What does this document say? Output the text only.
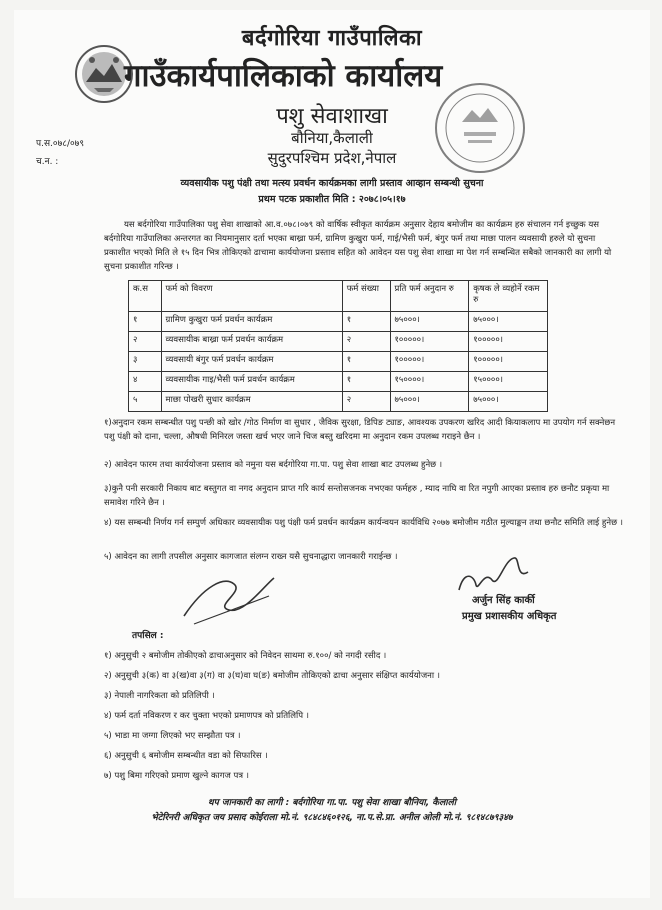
बर्दगोरिया गाउँपालिका
गाउँकार्यपालिकाको कार्यालय
पशु सेवाशाखा
बौनिया,कैलाली
सुदुरपश्चिम प्रदेश,नेपाल
प.स.०७८/०७९
च.न. :
व्यवसायीक पशु पंक्षी तथा मत्स्य प्रवर्धन कार्यक्रमका लागी प्रस्ताव आव्हान सम्बन्धी सुचना
प्रथम पटक प्रकाशीत मिति : २०७८।०५।१७
यस बर्दगोरिया गाउँपालिका पशु सेवा शाखाको आ.व.०७८।०७९ को वार्षिक स्वीकृत कार्यक्रम अनुसार देहाय बमोजीम का कार्यक्रम हरु संचालन गर्न इच्छुक यस बर्दगोरिया गाउँपालिका अन्तरगत का नियमानुसार दर्ता भएका बाख्रा फर्म, ग्रामिण कुखुरा फर्म, गाई/भैसी फर्म, बंगुर फर्म तथा माछा पालन व्यवसायी हरुले यो सुचना प्रकाशीत भएको मिति ले १५ दिन भित्र तोकिएको ढाचामा कार्ययोजना प्रस्ताव सहित को आवेदन यस पशु सेवा शाखा मा पेश गर्न सम्बन्धित सबैको जानकारी का लागी यो सुचना प्रकाशीत गरिन्छ ।
क.स	फर्म को विवरण	फर्म संख्या	प्रति फर्म अनुदान रु	कृषक ले व्यहोर्ने रकम रु
१	ग्रामिण कुखुरा फर्म प्रवर्धन कार्यक्रम	१	७५०००।	७५०००।
२	व्यवसायीक बाख्रा फर्म प्रवर्धन कार्यक्रम	२	१०००००।	१०००००।
३	व्यवसायी बंगुर फर्म प्रवर्धन कार्यक्रम	१	१०००००।	१०००००।
४	व्यवसायीक गाइ/भैसी फर्म प्रवर्धन कार्यक्रम	१	१५००००।	१५००००।
५	माछा पोखरी सुधार कार्यक्रम	२	७५०००।	७५०००।
१)अनुदान रकम सम्बन्धीत पशु पन्छी को खोर /गोठ निर्माण वा सुधार , जैविक सुरक्षा, डिपिङ ट्याङ, आवश्यक उपकरण खरिद आदी कियाकलाप मा उपयोग गर्न सक्नेछन पशु पंक्षी को दाना, चल्ला, औषधी मिनिरल जस्ता खर्च भएर जाने चिज बस्तु खरिदमा मा अनुदान रकम उपलब्ध गराइने छैन ।
२) आवेदन फारम तथा कार्ययोजना प्रस्ताव को नमुना यस बर्दगोरिया गा.पा. पशु सेवा शाखा बाट उपलब्ध हुनेछ ।
३)कुनै पनी सरकारी निकाय बाट बस्तुगत वा नगद अनुदान प्राप्त गरि कार्य सन्तोसजनक नभएका फर्महरु , म्याद नाघि वा रित नपुगी आएका प्रस्ताव हरु छनौट प्रकृया मा समावेश गरिने छैन ।
४) यस सम्बन्धी निर्णय गर्न सम्पुर्ण अधिकार व्यवसायीक पशु पंक्षी फर्म प्रवर्धन कार्यक्रम कार्यन्वयन कार्यविधि २०७७ बमोजीम गठीत मुल्याङ्कन तथा छनौट समिति लाई हुनेछ ।
५) आवेदन का लागी तपसील अनुसार कागजात संलग्न राख्न यसै सुचनाद्धारा जानकारी गराईन्छ ।
अर्जुन सिंह कार्की
प्रमुख प्रशासकीय अधिकृत
तपसिल :
१) अनुसुची २ बमोजीम तोकीएको ढाचाअनुसार को निवेदन साथमा रु.१००/ को नगदी रसीद ।
२) अनुसुची ३(क) वा ३(ख)वा ३(ग) वा ३(घ)वा घ(ङ) बमोजीम तोकिएको ढाचा अनुसार संक्षिप्त कार्ययोजना ।
३) नेपाली नागरिकता को प्रतिलिपी ।
४) फर्म दर्ता नविकरण र कर चुक्ता भएको प्रमाणपत्र को प्रतिलिपि ।
५) भाडा मा जग्गा लिएको भए सम्झौता पत्र ।
६) अनुसुची ६ बमोजीम सम्बन्धीत वडा को सिफारिस ।
७) पशु बिमा गरिएको प्रमाण खुल्ने कागज पत्र ।
थप जानकारी का लागी : बर्दगोरिया गा.पा. पशु सेवा शाखा बौनिया, कैलाली
भेटेरिनरी अधिकृत जय प्रसाद कोईराला मो.नं. ९८४८४६०१२६, ना.प.से.प्रा. अनील ओली मो.नं. ९८१४८७९३४७
